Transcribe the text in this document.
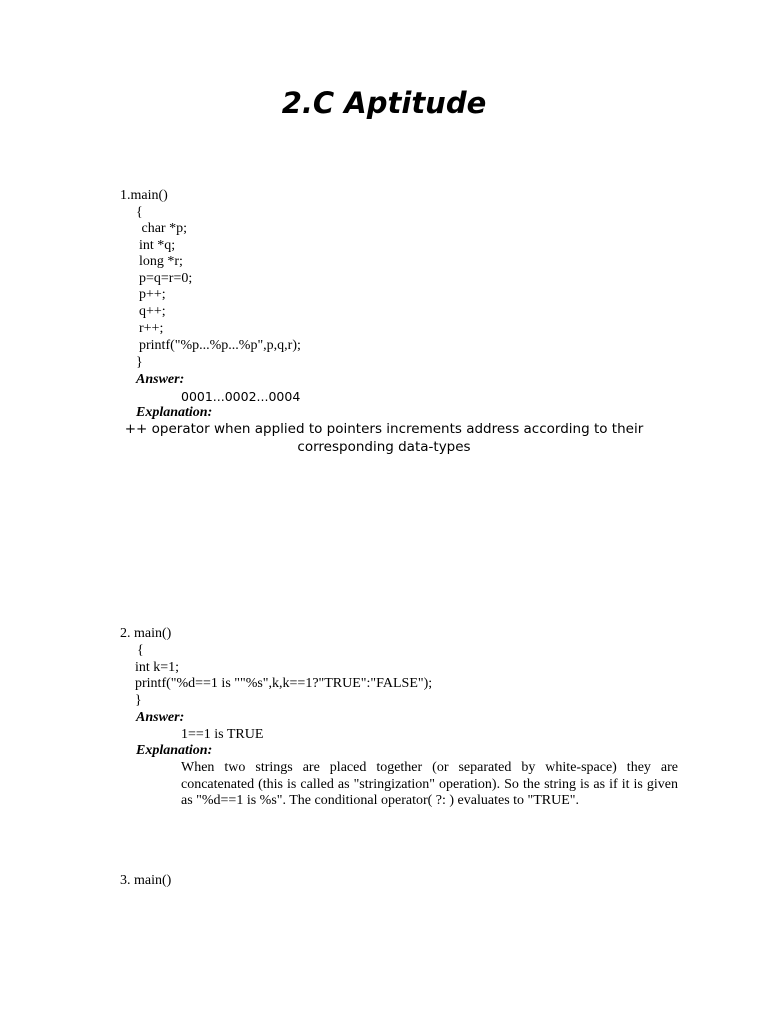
2.C Aptitude
1.main()
{
char *p;
int *q;
long *r;
p=q=r=0;
p++;
q++;
r++;
printf("%p...%p...%p",p,q,r);
}
Answer:
0001...0002...0004
Explanation:
++ operator when applied to pointers increments address according to their
corresponding data-types
2. main()
{
int k=1;
printf("%d==1 is ""%s",k,k==1?"TRUE":"FALSE");
}
Answer:
1==1 is TRUE
Explanation:
When two strings are placed together (or separated by white-space) they are concatenated (this is called as "stringization" operation). So the string is as if it is given as "%d==1 is %s". The conditional operator( ?: ) evaluates to "TRUE".
3. main()
